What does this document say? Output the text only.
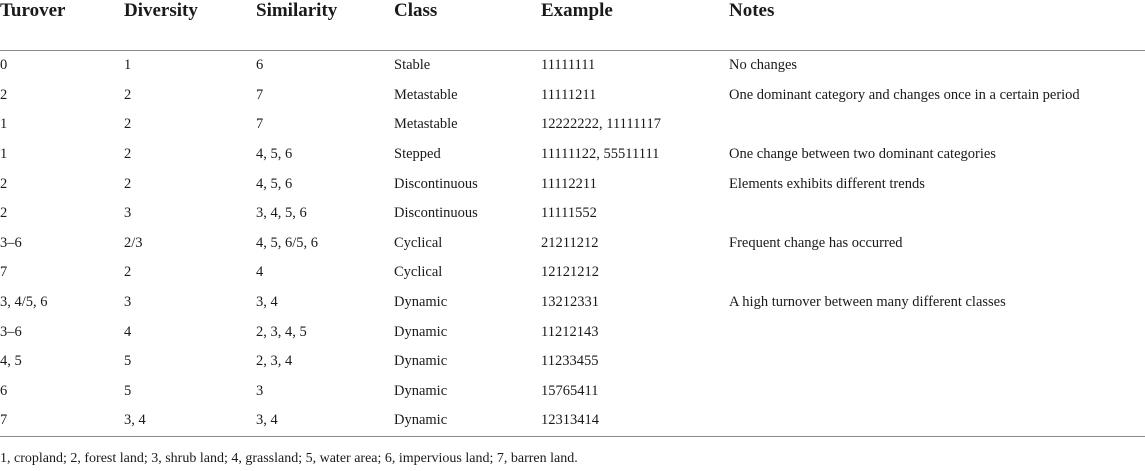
Turover	Diversity	Similarity	Class	Example	Notes
0	1	6	Stable	11111111	No changes
2	2	7	Metastable	11111211	One dominant category and changes once in a certain period
1	2	7	Metastable	12222222, 11111117	
1	2	4, 5, 6	Stepped	11111122, 55511111	One change between two dominant categories
2	2	4, 5, 6	Discontinuous	11112211	Elements exhibits different trends
2	3	3, 4, 5, 6	Discontinuous	11111552	
3–6	2/3	4, 5, 6/5, 6	Cyclical	21211212	Frequent change has occurred
7	2	4	Cyclical	12121212	
3, 4/5, 6	3	3, 4	Dynamic	13212331	A high turnover between many different classes
3–6	4	2, 3, 4, 5	Dynamic	11212143	
4, 5	5	2, 3, 4	Dynamic	11233455	
6	5	3	Dynamic	15765411	
7	3, 4	3, 4	Dynamic	12313414	
1, cropland; 2, forest land; 3, shrub land; 4, grassland; 5, water area; 6, impervious land; 7, barren land.
